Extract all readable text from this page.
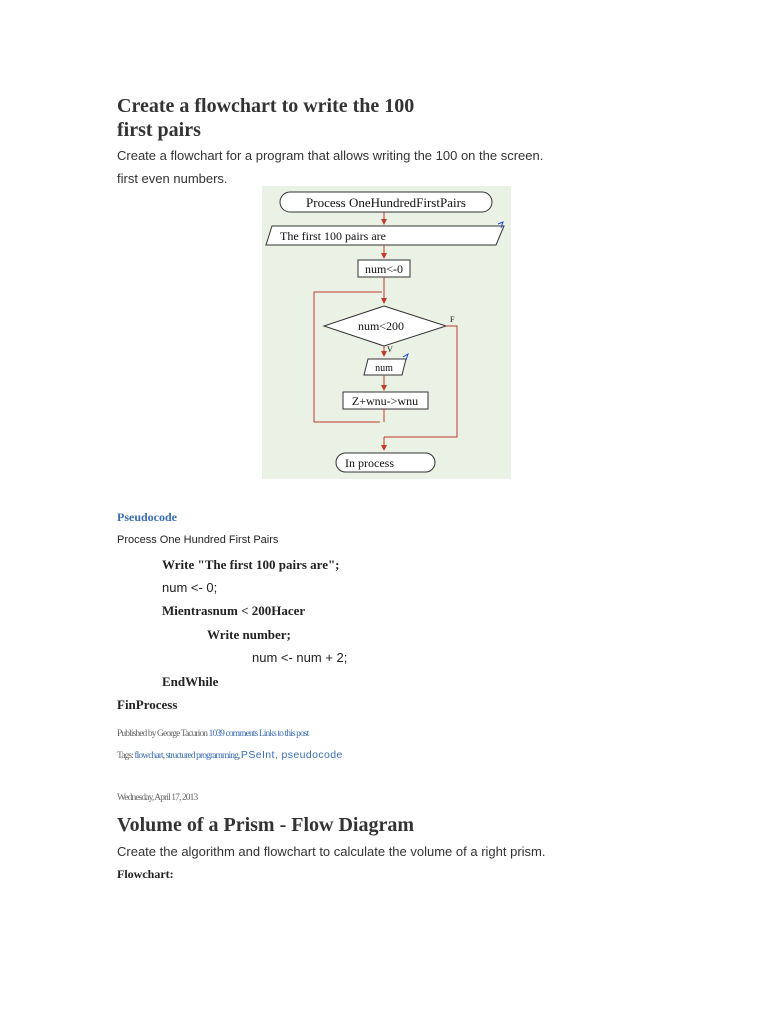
Create a flowchart to write the 100
first pairs

Create a flowchart for a program that allows writing the 100 on the screen.

first even numbers.

Process OneHundredFirstPairs
The first 100 pairs are
num<-0
num<200	F
V
num
Z+wnu->wnu
In process
Pseudocode
Process One Hundred First Pairs
Write "The first 100 pairs are";
num <- 0;
Mientrasnum < 200Hacer
Write number;
num <- num + 2;
EndWhile
FinProcess
Published by George Tacurion 1039 comments Links to this post
Tags: flowchart, structured programming, PSeInt, pseudocode
Wednesday, April 17, 2013
Volume of a Prism - Flow Diagram

Create the algorithm and flowchart to calculate the volume of a right prism.

Flowchart:
